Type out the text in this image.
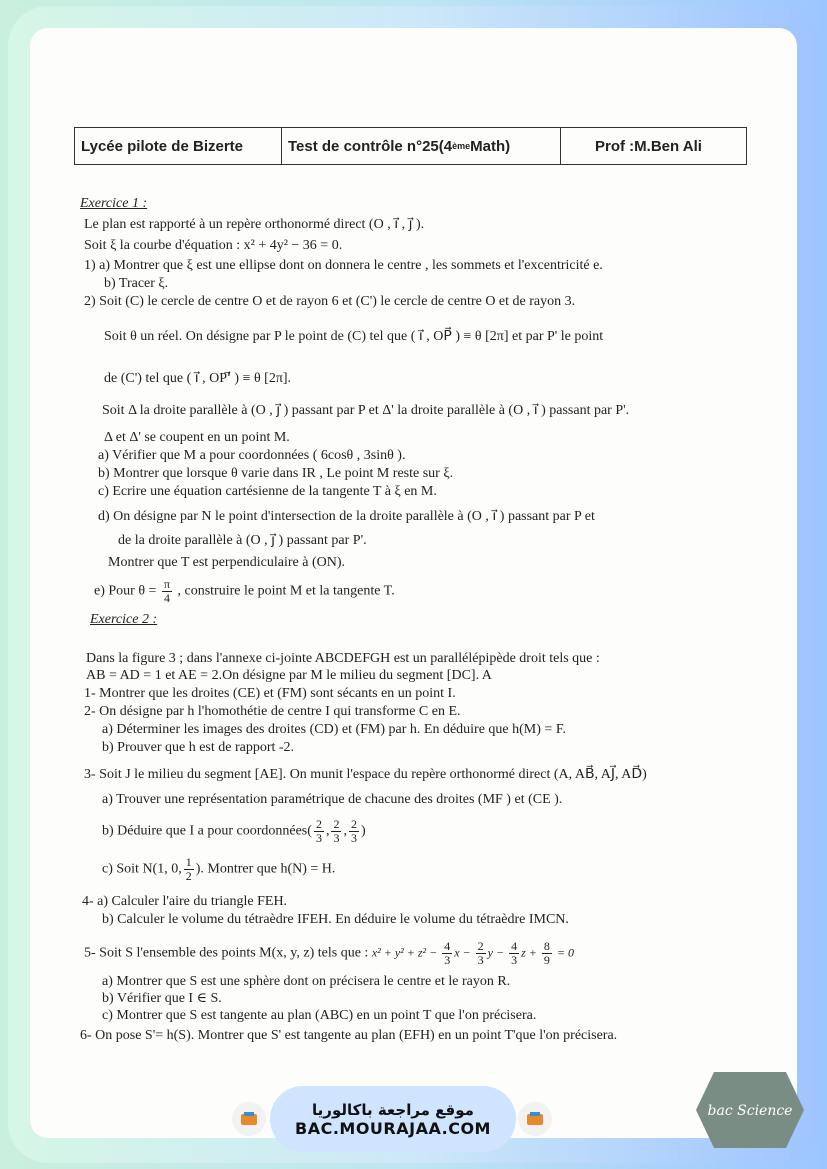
Lycée pilote de Bizerte	Test de contrôle n°25(4 ème Math)	Prof :M.Ben Ali
Exercice 1 :
Le plan est rapporté à un repère orthonormé direct (O , i⃗ , j⃗ ).
Soit ξ la courbe d'équation : x² + 4y² − 36 = 0.
1) a) Montrer que ξ est une ellipse dont on donnera le centre , les sommets et l'excentricité e.
b) Tracer ξ.
2) Soit (C) le cercle de centre O et de rayon 6 et (C') le cercle de centre O et de rayon 3.
Soit θ un réel. On désigne par P le point de (C) tel que ( i⃗ , OP⃗ ) ≡ θ [2π] et par P' le point
de (C') tel que ( i⃗ , OP'⃗ ) ≡ θ [2π].
Soit Δ la droite parallèle à (O , j⃗ ) passant par P et Δ' la droite parallèle à (O , i⃗ ) passant par P'.
Δ et Δ' se coupent en un point M.
a) Vérifier que M a pour coordonnées ( 6cosθ , 3sinθ ).
b) Montrer que lorsque θ varie dans IR , Le point M reste sur ξ.
c) Ecrire une équation cartésienne de la tangente T à ξ en M.
d) On désigne par N le point d'intersection de la droite parallèle à (O , i⃗ ) passant par P et
de la droite parallèle à (O , j⃗ ) passant par P'.
Montrer que T est perpendiculaire à (ON).
e) Pour $\theta = \frac{\pi}{4}$ , construire le point M et la tangente T.
Exercice 2 :
Dans la figure 3 ; dans l'annexe ci-jointe ABCDEFGH est un parallélépipède droit tels que :
AB = AD = 1 et AE = 2.On désigne par M le milieu du segment [DC]. A
1- Montrer que les droites (CE) et (FM) sont sécants en un point I.
2- On désigne par h l'homothétie de centre I qui transforme C en E.
a) Déterminer les images des droites (CD) et (FM) par h. En déduire que h(M) = F.
b) Prouver que h est de rapport -2.
3- Soit J le milieu du segment [AE]. On munit l'espace du repère orthonormé direct (A, AB⃗, AJ⃗, AD⃗)
a) Trouver une représentation paramétrique de chacune des droites (MF ) et (CE ).
b) Déduire que I a pour coordonnées( $\frac{2}{3}$ , $\frac{2}{3}$ , $\frac{2}{3}$ )
c) Soit N(1, 0, $\frac{1}{2}$ ). Montrer que h(N) = H.
4- a) Calculer l'aire du triangle FEH.
b) Calculer le volume du tétraèdre IFEH. En déduire le volume du tétraèdre IMCN.
5- Soit S l'ensemble des points M(x, y, z) tels que : $x^2 + y^2 + z^2 - \frac{4}{3}$ $x - \frac{2}{3}$ $y - \frac{4}{3}$ $z + \frac{8}{9} = 0$
a) Montrer que S est une sphère dont on précisera le centre et le rayon R.
b) Vérifier que I ∈ S.
c) Montrer que S est tangente au plan (ABC) en un point T que l'on précisera.
6- On pose S'= h(S). Montrer que S' est tangente au plan (EFH) en un point T'que l'on précisera.
موقع مراجعة باكالوريا
BAC.MOURAJAA.COM
bac Science
